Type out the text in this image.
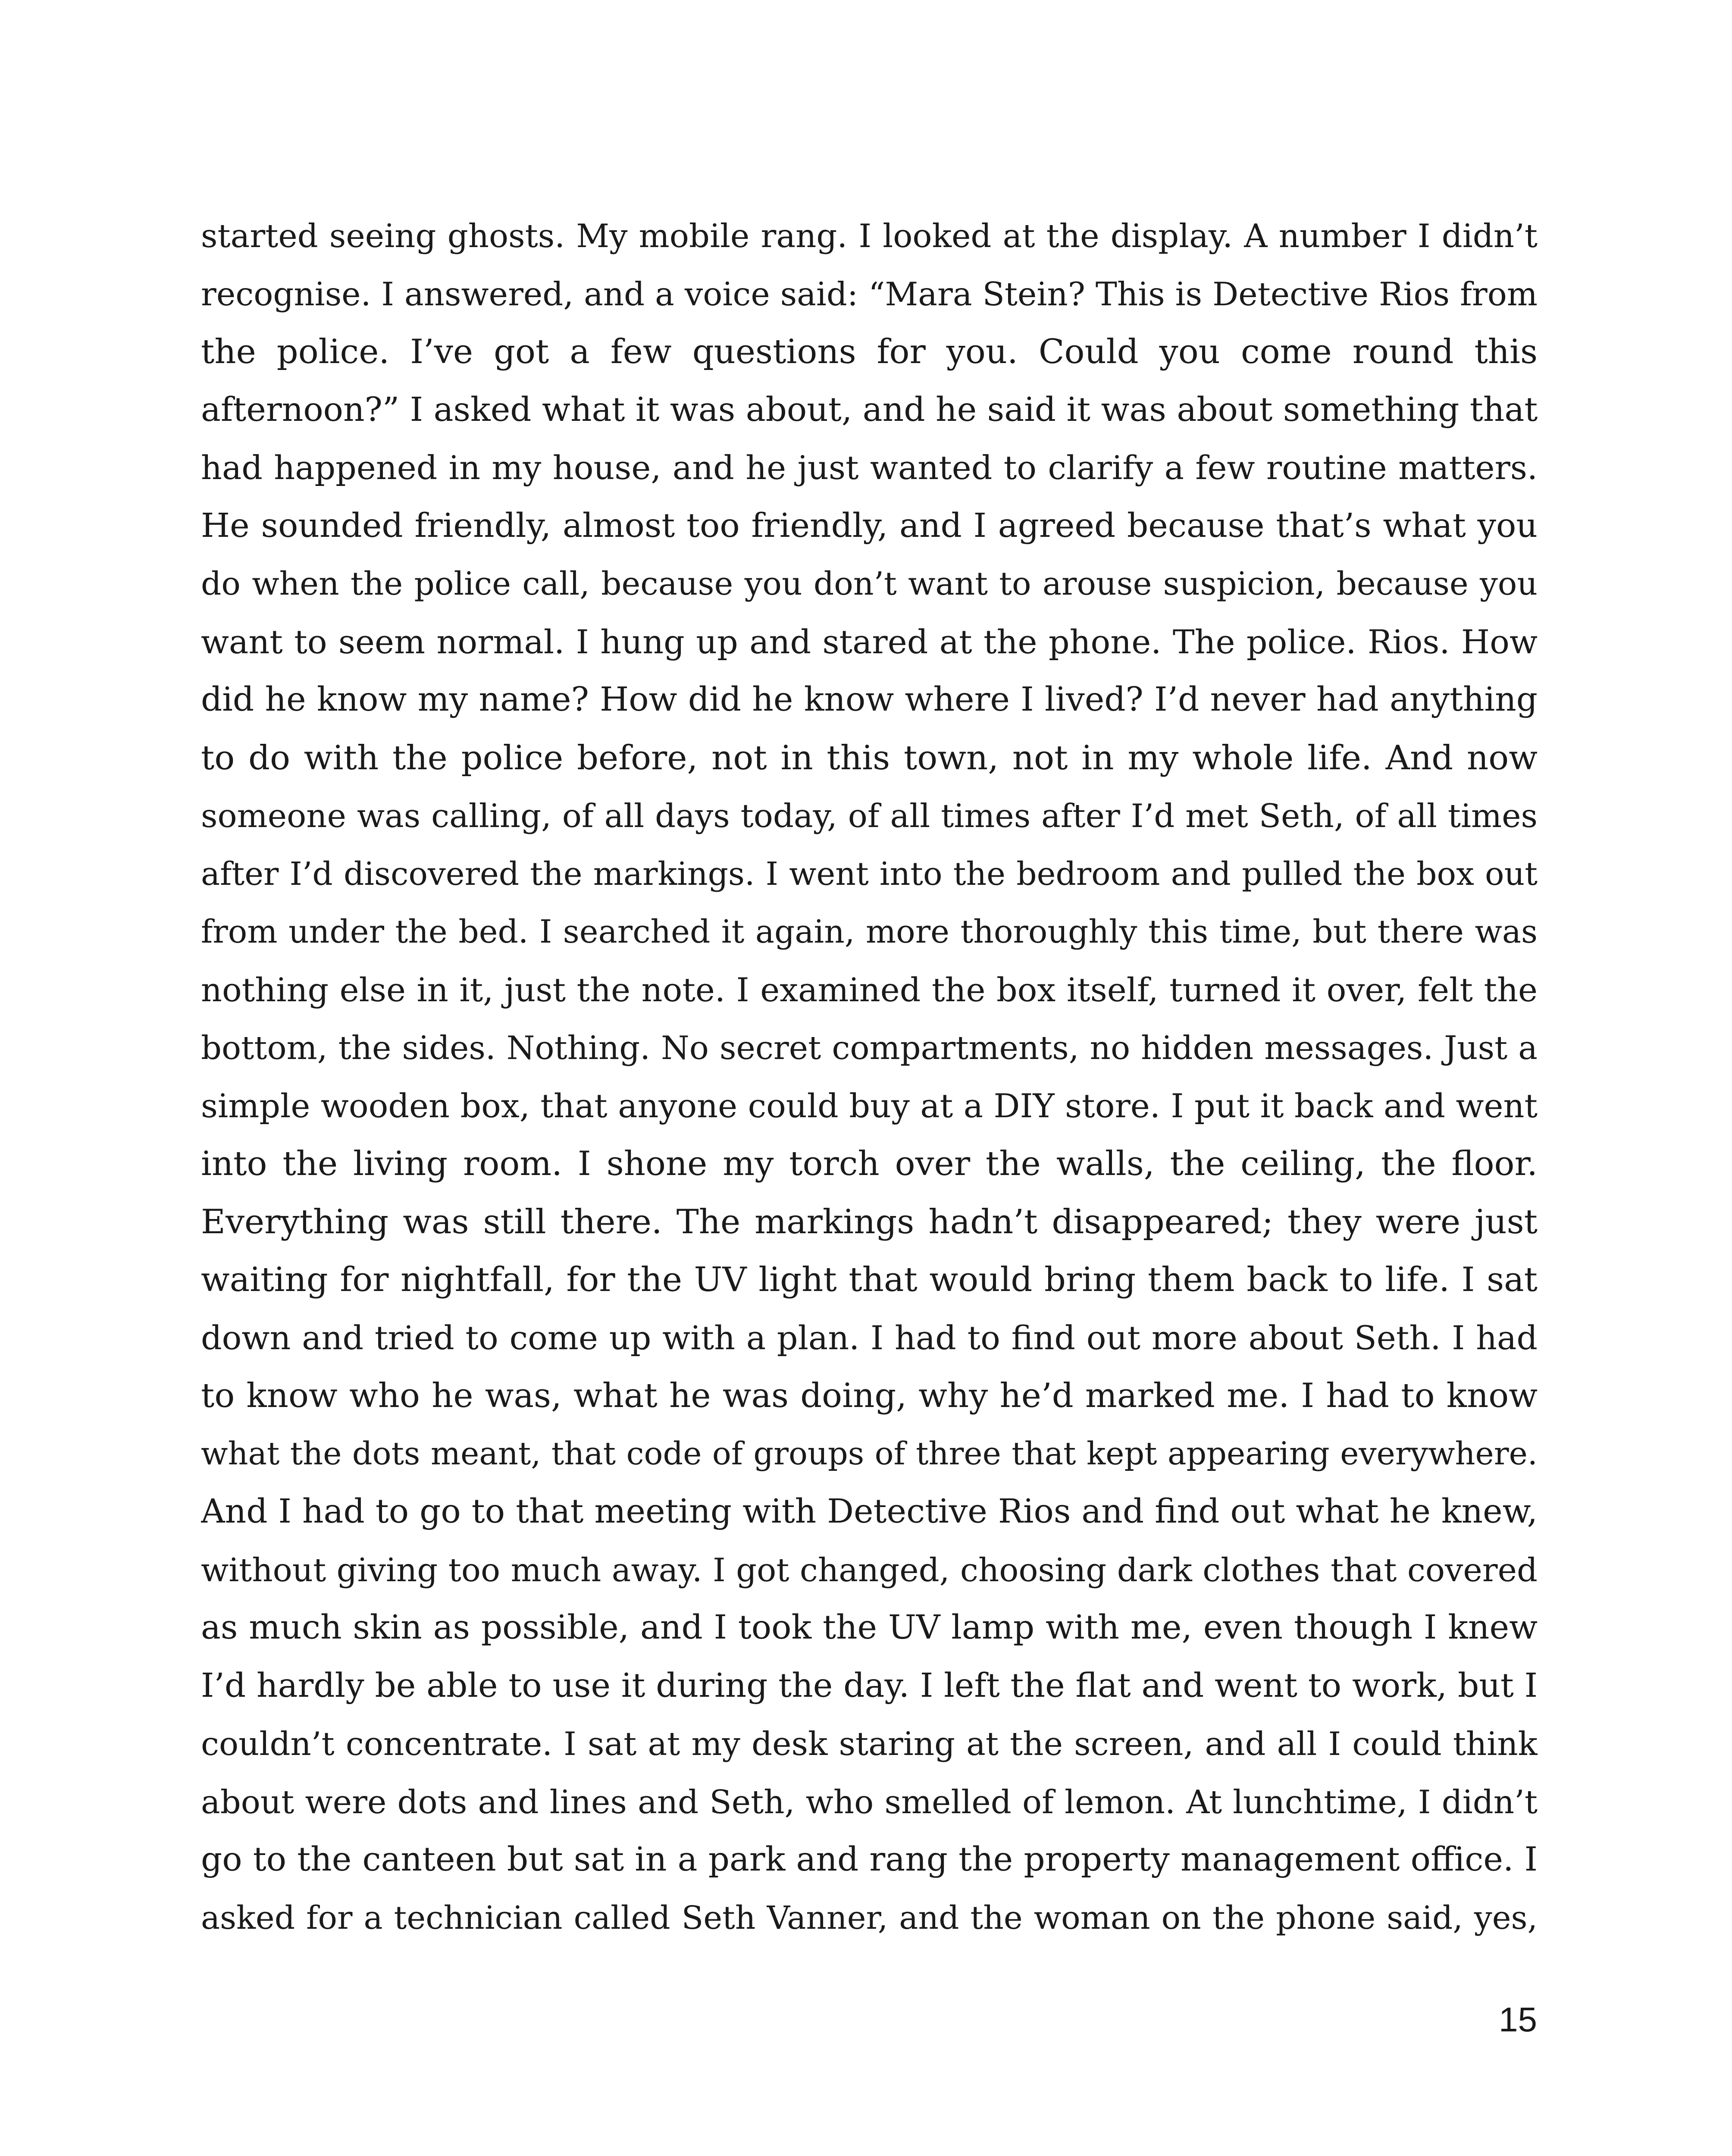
started seeing ghosts. My mobile rang. I looked at the display. A number I didn’t
recognise. I answered, and a voice said: “Mara Stein? This is Detective Rios from
the police. I’ve got a few questions for you. Could you come round this
afternoon?” I asked what it was about, and he said it was about something that
had happened in my house, and he just wanted to clarify a few routine matters.
He sounded friendly, almost too friendly, and I agreed because that’s what you
do when the police call, because you don’t want to arouse suspicion, because you
want to seem normal. I hung up and stared at the phone. The police. Rios. How
did he know my name? How did he know where I lived? I’d never had anything
to do with the police before, not in this town, not in my whole life. And now
someone was calling, of all days today, of all times after I’d met Seth, of all times
after I’d discovered the markings. I went into the bedroom and pulled the box out
from under the bed. I searched it again, more thoroughly this time, but there was
nothing else in it, just the note. I examined the box itself, turned it over, felt the
bottom, the sides. Nothing. No secret compartments, no hidden messages. Just a
simple wooden box, that anyone could buy at a DIY store. I put it back and went
into the living room. I shone my torch over the walls, the ceiling, the floor.
Everything was still there. The markings hadn’t disappeared; they were just
waiting for nightfall, for the UV light that would bring them back to life. I sat
down and tried to come up with a plan. I had to find out more about Seth. I had
to know who he was, what he was doing, why he’d marked me. I had to know
what the dots meant, that code of groups of three that kept appearing everywhere.
And I had to go to that meeting with Detective Rios and find out what he knew,
without giving too much away. I got changed, choosing dark clothes that covered
as much skin as possible, and I took the UV lamp with me, even though I knew
I’d hardly be able to use it during the day. I left the flat and went to work, but I
couldn’t concentrate. I sat at my desk staring at the screen, and all I could think
about were dots and lines and Seth, who smelled of lemon. At lunchtime, I didn’t
go to the canteen but sat in a park and rang the property management office. I
asked for a technician called Seth Vanner, and the woman on the phone said, yes,
15
